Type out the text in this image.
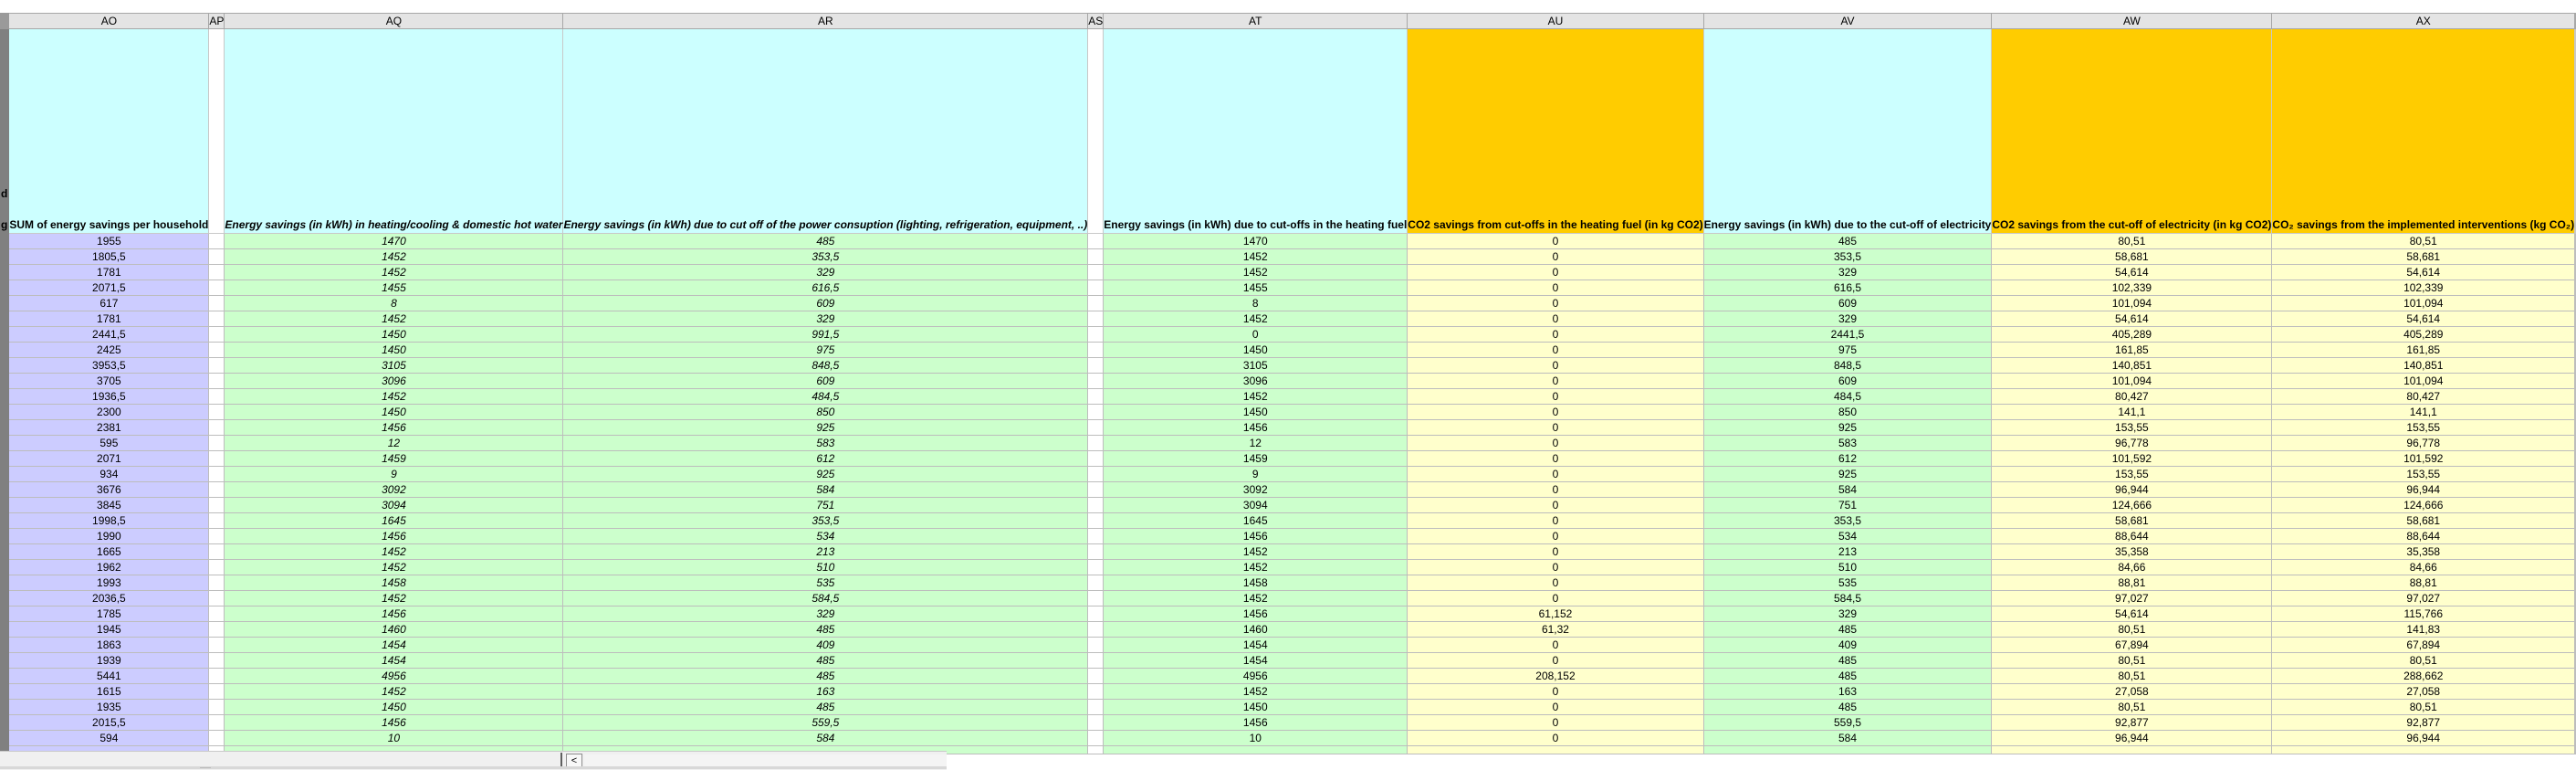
	AO	AP	AQ	AR	AS	AT	AU	AV	AW	AX	
d

g	SUM of energy savings per household		Energy savings (in kWh) in heating/cooling & domestic hot water	Energy savings (in kWh) due to cut off of the power consuption (lighting, refrigeration, equipment, ..)		Energy savings (in kWh) due to cut-offs in the heating fuel	CO2 savings from cut-offs in the heating fuel (in kg CO2)	Energy savings (in kWh) due to the cut-off of electricity	CO2 savings from the cut-off of electricity (in kg CO2)	CO₂ savings from the implemented interventions (kg CO₂)	
	1955		1470	485		1470	0	485	80,51	80,51	
	1805,5		1452	353,5		1452	0	353,5	58,681	58,681	
	1781		1452	329		1452	0	329	54,614	54,614	
	2071,5		1455	616,5		1455	0	616,5	102,339	102,339	
	617		8	609		8	0	609	101,094	101,094	
	1781		1452	329		1452	0	329	54,614	54,614	
	2441,5		1450	991,5		0	0	2441,5	405,289	405,289	
	2425		1450	975		1450	0	975	161,85	161,85	
	3953,5		3105	848,5		3105	0	848,5	140,851	140,851	
	3705		3096	609		3096	0	609	101,094	101,094	
	1936,5		1452	484,5		1452	0	484,5	80,427	80,427	
	2300		1450	850		1450	0	850	141,1	141,1	
	2381		1456	925		1456	0	925	153,55	153,55	
	595		12	583		12	0	583	96,778	96,778	
	2071		1459	612		1459	0	612	101,592	101,592	
	934		9	925		9	0	925	153,55	153,55	
	3676		3092	584		3092	0	584	96,944	96,944	
	3845		3094	751		3094	0	751	124,666	124,666	
	1998,5		1645	353,5		1645	0	353,5	58,681	58,681	
	1990		1456	534		1456	0	534	88,644	88,644	
	1665		1452	213		1452	0	213	35,358	35,358	
	1962		1452	510		1452	0	510	84,66	84,66	
	1993		1458	535		1458	0	535	88,81	88,81	
	2036,5		1452	584,5		1452	0	584,5	97,027	97,027	
	1785		1456	329		1456	61,152	329	54,614	115,766	
	1945		1460	485		1460	61,32	485	80,51	141,83	
	1863		1454	409		1454	0	409	67,894	67,894	
	1939		1454	485		1454	0	485	80,51	80,51	
	5441		4956	485		4956	208,152	485	80,51	288,662	
	1615		1452	163		1452	0	163	27,058	27,058	
	1935		1450	485		1450	0	485	80,51	80,51	
	2015,5		1456	559,5		1456	0	559,5	92,877	92,877	
	594		10	584		10	0	584	96,944	96,944	

<
